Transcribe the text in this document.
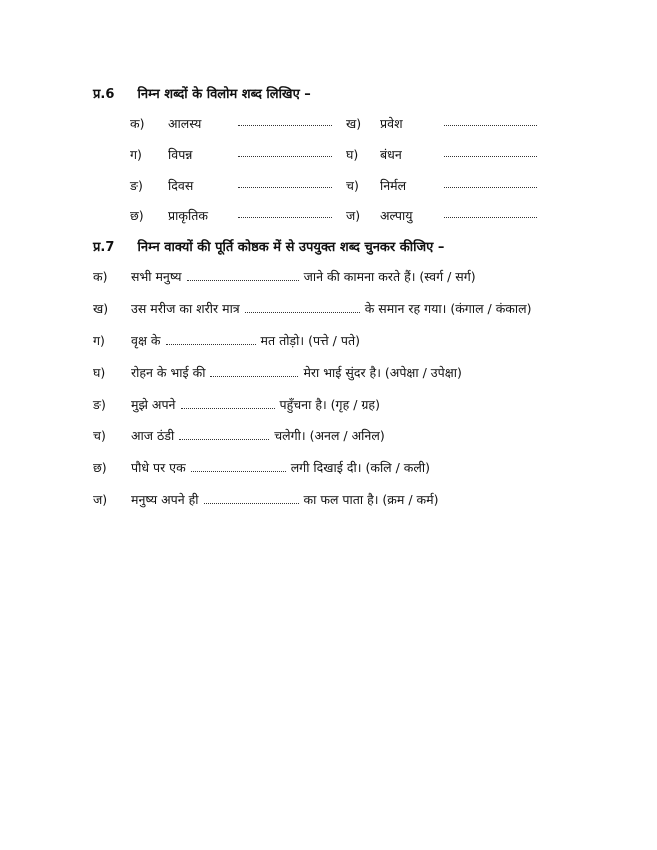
प्र.6 निम्न शब्दों के विलोम शब्द लिखिए –
क) आलस्य	ख) प्रवेश
ग) विपन्न	घ) बंधन
ङ) दिवस	च) निर्मल
छ) प्राकृतिक	ज) अल्पायु
प्र.7 निम्न वाक्यों की पूर्ति कोष्ठक में से उपयुक्त शब्द चुनकर कीजिए –
क) सभी मनुष्य	जाने की कामना करते हैं। (स्वर्ग / सर्ग)
ख) उस मरीज का शरीर मात्र	के समान रह गया। (कंगाल / कंकाल)
ग) वृक्ष के	मत तोड़ो। (पत्ते / पते)
घ) रोहन के भाई की	मेरा भाई सुंदर है। (अपेक्षा / उपेक्षा)
ङ) मुझे अपने	पहुँचना है। (गृह / ग्रह)
च) आज ठंडी	चलेगी। (अनल / अनिल)
छ) पौधे पर एक	लगी दिखाई दी। (कलि / कली)
ज) मनुष्य अपने ही	का फल पाता है। (क्रम / कर्म)
